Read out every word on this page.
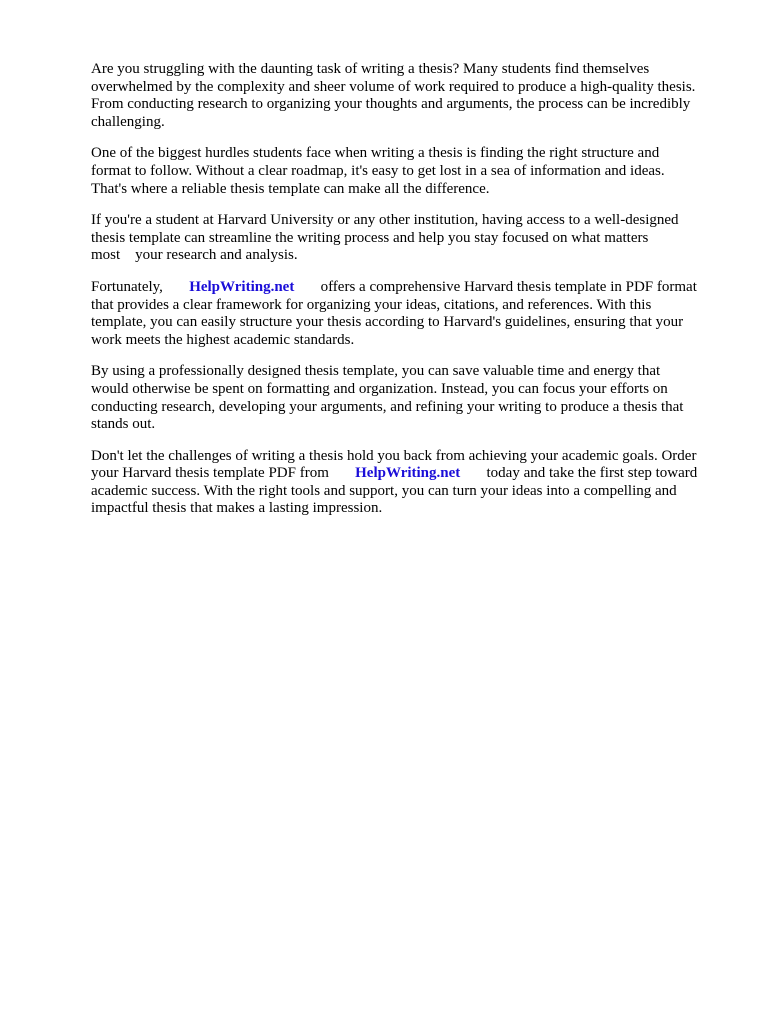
Are you struggling with the daunting task of writing a thesis? Many students find themselves
overwhelmed by the complexity and sheer volume of work required to produce a high-quality thesis.
From conducting research to organizing your thoughts and arguments, the process can be incredibly
challenging.
One of the biggest hurdles students face when writing a thesis is finding the right structure and
format to follow. Without a clear roadmap, it's easy to get lost in a sea of information and ideas.
That's where a reliable thesis template can make all the difference.
If you're a student at Harvard University or any other institution, having access to a well-designed
thesis template can streamline the writing process and help you stay focused on what matters
most    your research and analysis.
Fortunately,       HelpWriting.net       offers a comprehensive Harvard thesis template in PDF format
that provides a clear framework for organizing your ideas, citations, and references. With this
template, you can easily structure your thesis according to Harvard's guidelines, ensuring that your
work meets the highest academic standards.
By using a professionally designed thesis template, you can save valuable time and energy that
would otherwise be spent on formatting and organization. Instead, you can focus your efforts on
conducting research, developing your arguments, and refining your writing to produce a thesis that
stands out.
Don't let the challenges of writing a thesis hold you back from achieving your academic goals. Order
your Harvard thesis template PDF from       HelpWriting.net       today and take the first step toward
academic success. With the right tools and support, you can turn your ideas into a compelling and
impactful thesis that makes a lasting impression.
